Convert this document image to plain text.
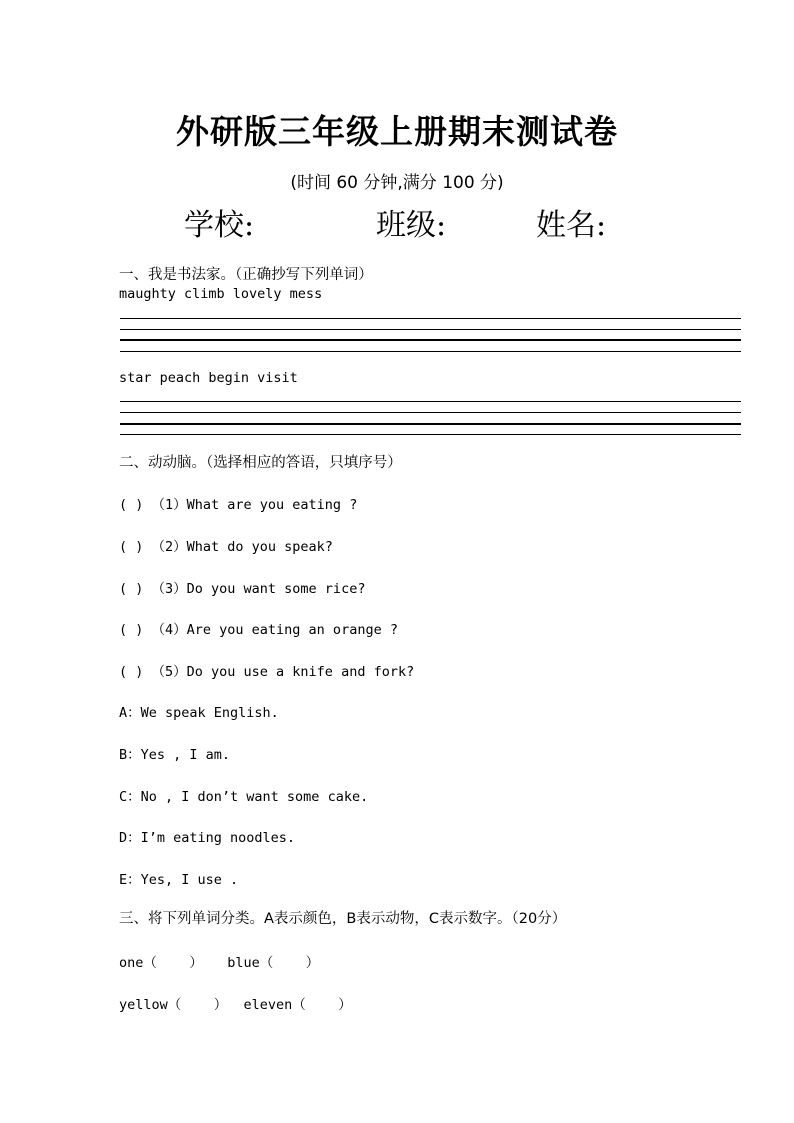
外研版三年级上册期末测试卷
(时间 60 分钟,满分 100 分)
学校:	班级:	姓名:
一、我是书法家。（正确抄写下列单词）
maughty climb lovely mess
star peach begin visit
二、动动脑。（选择相应的答语，只填序号）
( ) （1）What are you eating ?
( ) （2）What do you speak?
( ) （3）Do you want some rice?
( ) （4）Are you eating an orange ?
( ) （5）Do you use a knife and fork?
A：We speak English.
B：Yes , I am.
C：No , I don’t want some cake.
D：I’m eating noodles.
E：Yes, I use .
三、将下列单词分类。A表示颜色，B表示动物，C表示数字。（20分）
one（    ）   blue（    ）
yellow（    ）  eleven（    ）
